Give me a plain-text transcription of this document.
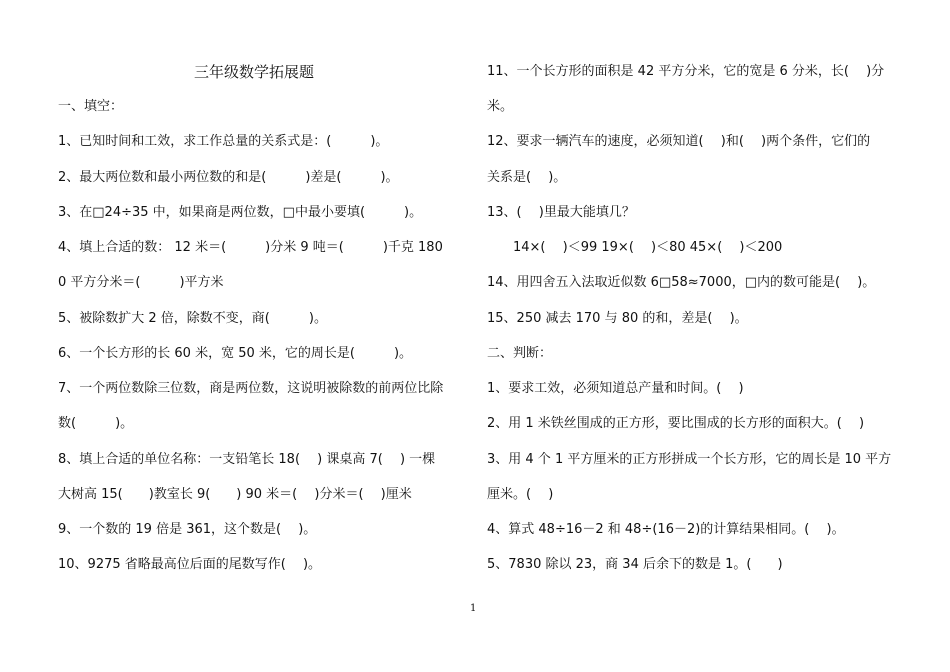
三年级数学拓展题
一、填空：
1、已知时间和工效，求工作总量的关系式是：(　　　)。
2、最大两位数和最小两位数的和是(　　　)差是(　　　)。
3、在□24÷35 中，如果商是两位数，□中最小要填(　　　)。
4、填上合适的数： 12 米＝(　　　)分米 9 吨＝(　　　)千克 180
0 平方分米＝(　　　)平方米
5、被除数扩大 2 倍，除数不变，商(　　　)。
6、一个长方形的长 60 米，宽 50 米，它的周长是(　　　)。
7、一个两位数除三位数，商是两位数，这说明被除数的前两位比除
数(　　　)。
8、填上合适的单位名称：一支铅笔长 18(　 ) 课桌高 7(　 ) 一棵
大树高 15(　　)教室长 9(　　) 90 米＝(　 )分米＝(　 )厘米
9、一个数的 19 倍是 361，这个数是(　 )。
10、9275 省略最高位后面的尾数写作(　 )。
11、一个长方形的面积是 42 平方分米，它的宽是 6 分米，长(　 )分
米。
12、要求一辆汽车的速度，必须知道(　 )和(　 )两个条件，它们的
关系是(　 )。
13、(　 )里最大能填几？
14×(　 )＜99 19×(　 )＜80 45×(　 )＜200
14、用四舍五入法取近似数 6□58≈7000，□内的数可能是(　 )。
15、250 减去 170 与 80 的和，差是(　 )。
二、判断：
1、要求工效，必须知道总产量和时间。(　 )
2、用 1 米铁丝围成的正方形，要比围成的长方形的面积大。(　 )
3、用 4 个 1 平方厘米的正方形拼成一个长方形，它的周长是 10 平方
厘米。(　 )
4、算式 48÷16－2 和 48÷(16－2)的计算结果相同。(　 )。
5、7830 除以 23，商 34 后余下的数是 1。(　　)
1
